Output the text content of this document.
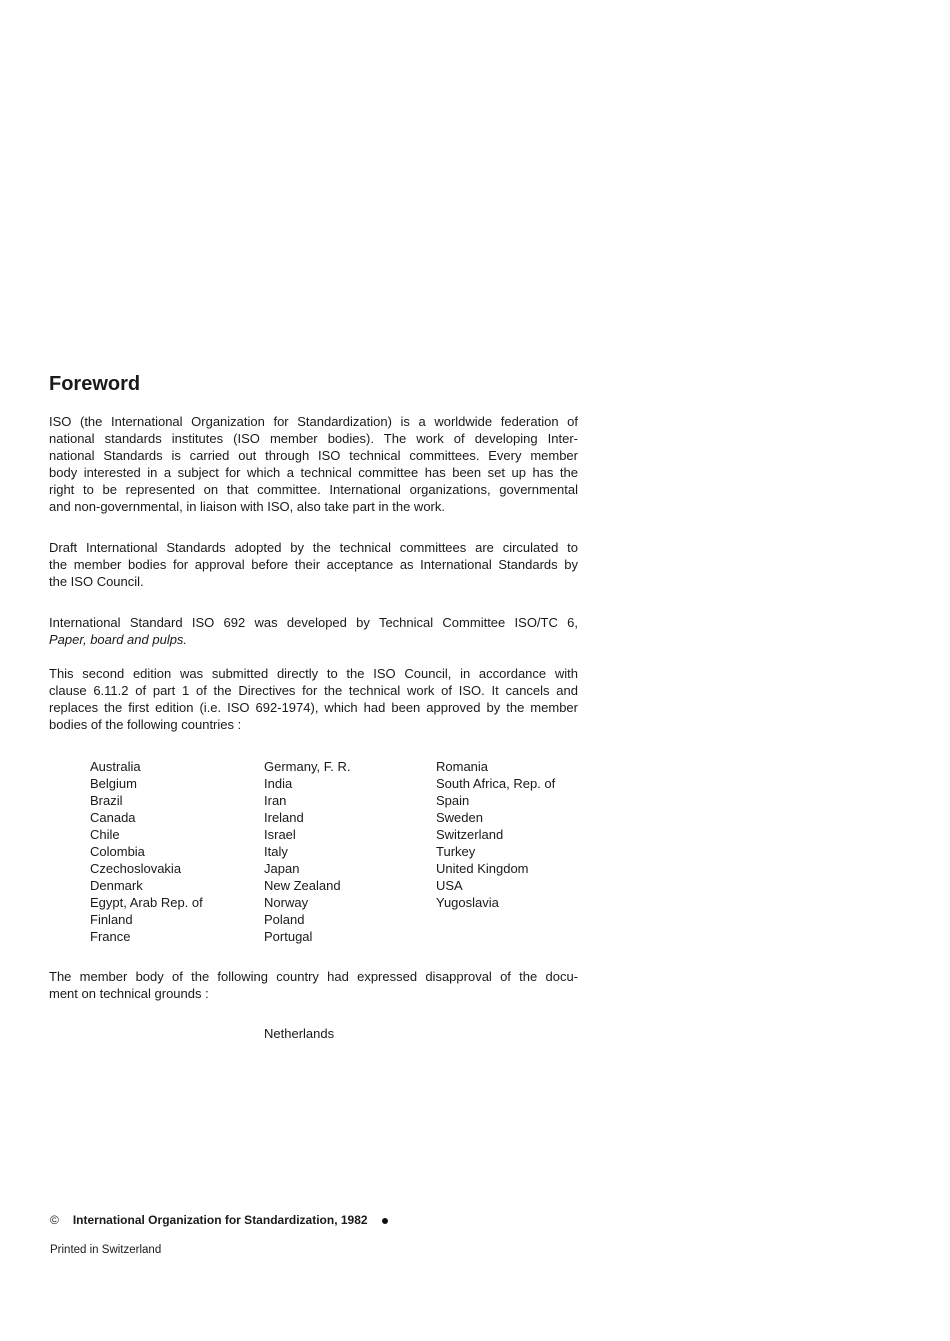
Foreword
ISO (the International Organization for Standardization) is a worldwide federation of
national standards institutes (ISO member bodies). The work of developing Inter-
national Standards is carried out through ISO technical committees. Every member
body interested in a subject for which a technical committee has been set up has the
right to be represented on that committee. International organizations, governmental
and non-governmental, in liaison with ISO, also take part in the work.
Draft International Standards adopted by the technical committees are circulated to
the member bodies for approval before their acceptance as International Standards by
the ISO Council.
International Standard ISO 692 was developed by Technical Committee ISO/TC 6,
Paper, board and pulps.
This second edition was submitted directly to the ISO Council, in accordance with
clause 6.11.2 of part 1 of the Directives for the technical work of ISO. It cancels and
replaces the first edition (i.e. ISO 692-1974), which had been approved by the member
bodies of the following countries :
The member body of the following country had expressed disapproval of the docu-
ment on technical grounds :
Australia
Belgium
Brazil
Canada
Chile
Colombia
Czechoslovakia
Denmark
Egypt, Arab Rep. of
Finland
France
Germany, F. R.
India
Iran
Ireland
Israel
Italy
Japan
New Zealand
Norway
Poland
Portugal
Romania
South Africa, Rep. of
Spain
Sweden
Switzerland
Turkey
United Kingdom
USA
Yugoslavia
Netherlands
© International Organization for Standardization, 1982
Printed in Switzerland
